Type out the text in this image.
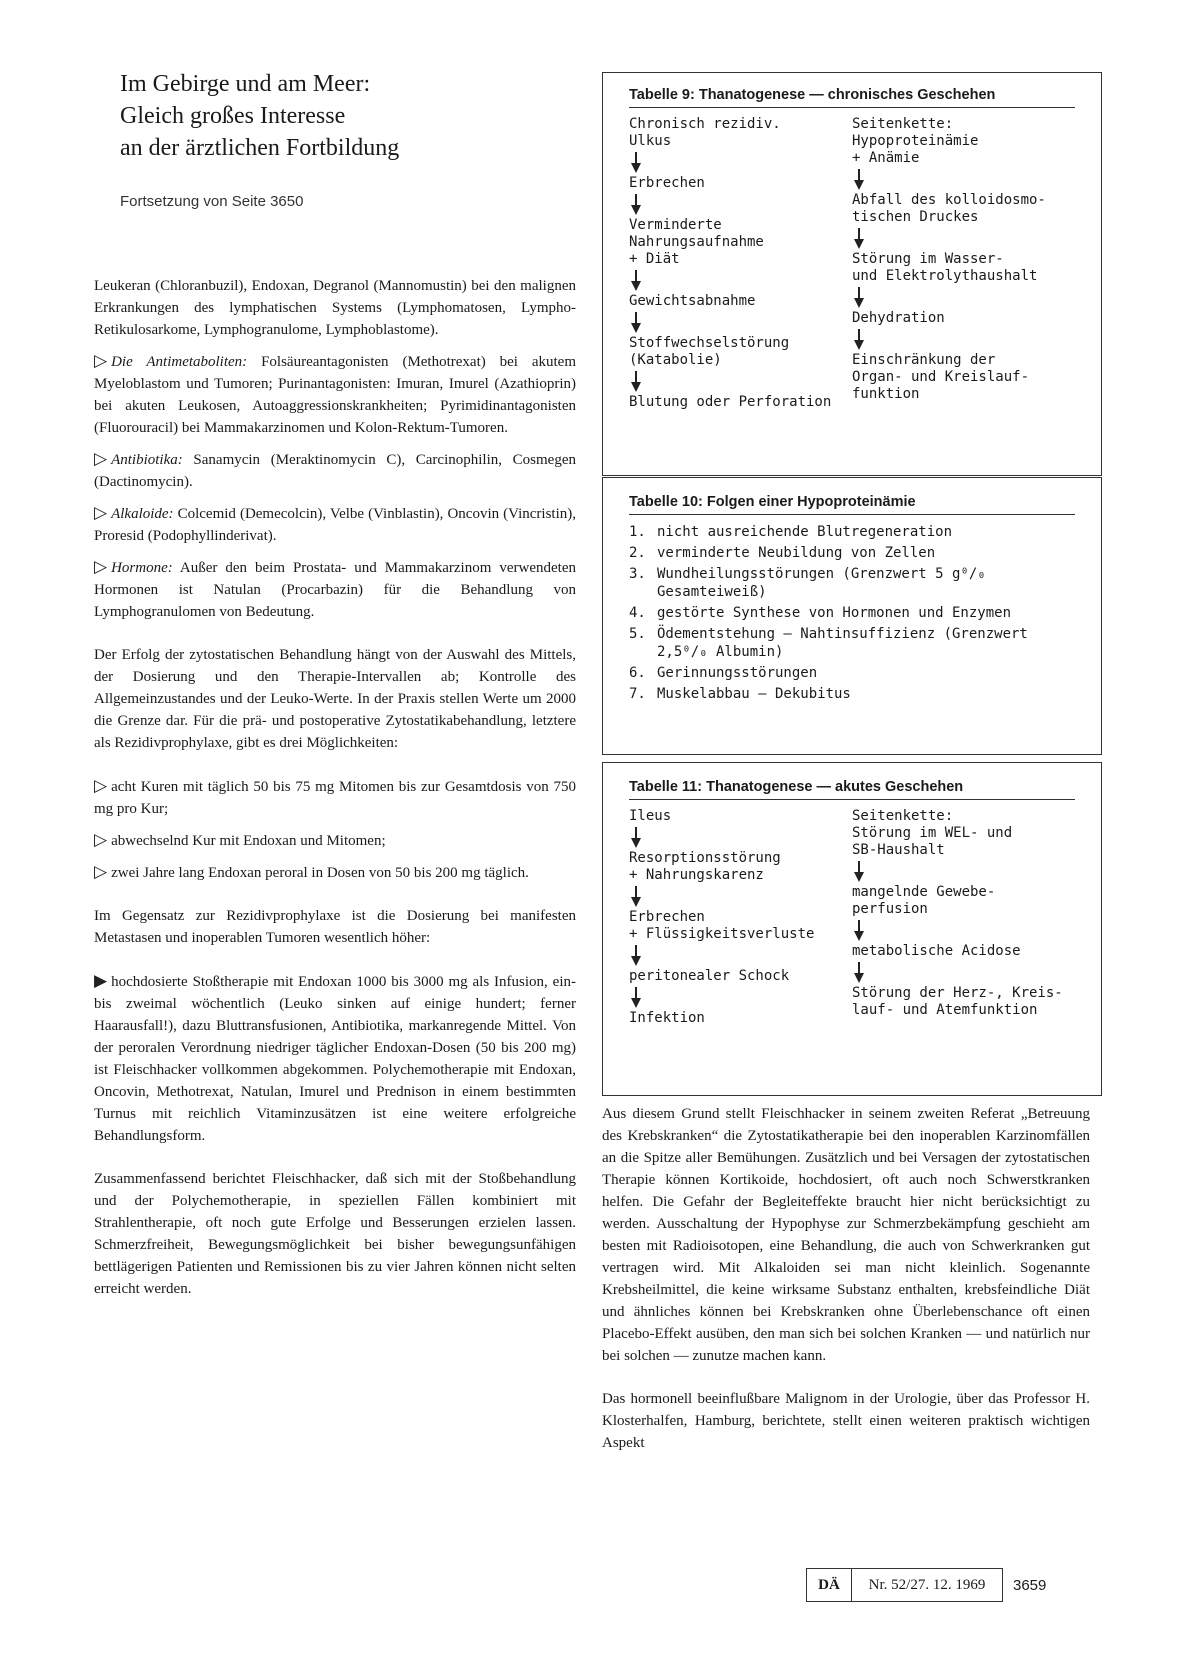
Im Gebirge und am Meer:
Gleich großes Interesse
an der ärztlichen Fortbildung
Fortsetzung von Seite 3650

Leukeran (Chloranbuzil), Endoxan, Degranol (Mannomustin) bei den malignen Erkrankungen des lymphatischen Systems (Lymphomatosen, Lympho-Retikulosarkome, Lymphogranulome, Lymphoblastome).

▷ Die Antimetaboliten: Folsäureantagonisten (Methotrexat) bei akutem Myeloblastom und Tumoren; Purinantagonisten: Imuran, Imurel (Azathioprin) bei akuten Leukosen, Autoaggressionskrankheiten; Pyrimidinantagonisten (Fluorouracil) bei Mammakarzinomen und Kolon-Rektum-Tumoren.

▷ Antibiotika: Sanamycin (Meraktinomycin C), Carcinophilin, Cosmegen (Dactinomycin).

▷ Alkaloide: Colcemid (Demecolcin), Velbe (Vinblastin), Oncovin (Vincristin), Proresid (Podophyllinderivat).

▷ Hormone: Außer den beim Prostata- und Mammakarzinom verwendeten Hormonen ist Natulan (Procarbazin) für die Behandlung von Lymphogranulomen von Bedeutung.

Der Erfolg der zytostatischen Behandlung hängt von der Auswahl des Mittels, der Dosierung und den Therapie-Intervallen ab; Kontrolle des Allgemeinzustandes und der Leuko-Werte. In der Praxis stellen Werte um 2000 die Grenze dar. Für die prä- und postoperative Zytostatikabehandlung, letztere als Rezidivprophylaxe, gibt es drei Möglichkeiten:

▷ acht Kuren mit täglich 50 bis 75 mg Mitomen bis zur Gesamtdosis von 750 mg pro Kur;

▷ abwechselnd Kur mit Endoxan und Mitomen;

▷ zwei Jahre lang Endoxan peroral in Dosen von 50 bis 200 mg täglich.

Im Gegensatz zur Rezidivprophylaxe ist die Dosierung bei manifesten Metastasen und inoperablen Tumoren wesentlich höher:

▶ hochdosierte Stoßtherapie mit Endoxan 1000 bis 3000 mg als Infusion, ein- bis zweimal wöchentlich (Leuko sinken auf einige hundert; ferner Haarausfall!), dazu Bluttransfusionen, Antibiotika, markanregende Mittel. Von der peroralen Verordnung niedriger täglicher Endoxan-Dosen (50 bis 200 mg) ist Fleischhacker vollkommen abgekommen. Polychemotherapie mit Endoxan, Oncovin, Methotrexat, Natulan, Imurel und Prednison in einem bestimmten Turnus mit reichlich Vitaminzusätzen ist eine weitere erfolgreiche Behandlungsform.

Zusammenfassend berichtet Fleischhacker, daß sich mit der Stoßbehandlung und der Polychemotherapie, in speziellen Fällen kombiniert mit Strahlentherapie, oft noch gute Erfolge und Besserungen erzielen lassen. Schmerzfreiheit, Bewegungsmöglichkeit bei bisher bewegungsunfähigen bettlägerigen Patienten und Remissionen bis zu vier Jahren können nicht selten erreicht werden.

Tabelle 9: Thanatogenese — chronisches Geschehen
Chronisch rezidiv.
Ulkus
Erbrechen
Verminderte
Nahrungsaufnahme
+ Diät
Gewichtsabnahme
Stoffwechselstörung
(Katabolie)
Blutung oder Perforation
Seitenkette:
Hypoproteinämie
+ Anämie
Abfall des kolloidosmo-
tischen Druckes
Störung im Wasser-
und Elektrolythaushalt
Dehydration
Einschränkung der
Organ- und Kreislauf-
funktion
Tabelle 10: Folgen einer Hypoproteinämie
1. nicht ausreichende Blutregeneration
2. verminderte Neubildung von Zellen
3. Wundheilungsstörungen (Grenzwert 5 g⁰/₀ Gesamteiweiß)
4. gestörte Synthese von Hormonen und Enzymen
5. Ödementstehung — Nahtinsuffizienz (Grenzwert 2,5⁰/₀ Albumin)
6. Gerinnungsstörungen
7. Muskelabbau — Dekubitus
Tabelle 11: Thanatogenese — akutes Geschehen
Ileus
Resorptionsstörung
+ Nahrungskarenz
Erbrechen
+ Flüssigkeitsverluste
peritonealer Schock
Infektion
Seitenkette:
Störung im WEL- und
SB-Haushalt
mangelnde Gewebe-
perfusion
metabolische Acidose
Störung der Herz-, Kreis-
lauf- und Atemfunktion

Aus diesem Grund stellt Fleischhacker in seinem zweiten Referat „Betreuung des Krebskranken“ die Zytostatikatherapie bei den inoperablen Karzinomfällen an die Spitze aller Bemühungen. Zusätzlich und bei Versagen der zytostatischen Therapie können Kortikoide, hochdosiert, oft auch noch Schwerstkranken helfen. Die Gefahr der Begleiteffekte braucht hier nicht berücksichtigt zu werden. Ausschaltung der Hypophyse zur Schmerzbekämpfung geschieht am besten mit Radioisotopen, eine Behandlung, die auch von Schwerkranken gut vertragen wird. Mit Alkaloiden sei man nicht kleinlich. Sogenannte Krebsheilmittel, die keine wirksame Substanz enthalten, krebsfeindliche Diät und ähnliches können bei Krebskranken ohne Überlebenschance oft einen Placebo-Effekt ausüben, den man sich bei solchen Kranken — und natürlich nur bei solchen — zunutze machen kann.

Das hormonell beeinflußbare Malignom in der Urologie, über das Professor H. Klosterhalfen, Hamburg, berichtete, stellt einen weiteren praktisch wichtigen Aspekt

DÄ	Nr. 52/27. 12. 1969	3659
